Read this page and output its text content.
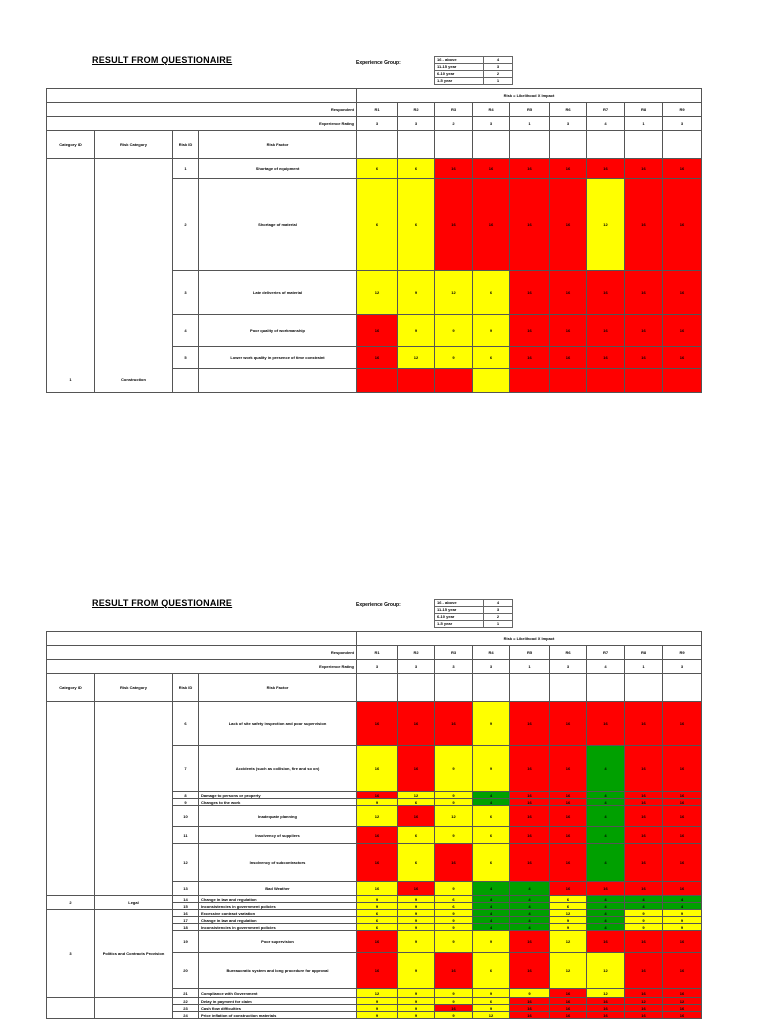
RESULT FROM QUESTIONAIRE	Experience Group:
16 - above	4
11-15 year	3
6-10 year	2
1-5 year	1
				Risk = Likelihood X Impact								
Respondent				R1	R2	R3	R4	R5	R6	R7	R8	R9
Experience Rating				3	3	2	3	1	3	4	1	3
Category ID	Risk Category	Risk ID	Risk Factor									
1	Construction	1	Shortage of equipment	6	6	16	16	16	16	16	16	16
		2	Shortage of material	6	6	16	16	16	16	12	16	16
		3	Late deliveries of material	12	9	12	6	16	16	16	16	16
		4	Poor quality of workmanship	16	9	9	9	16	16	16	16	16
		5	Lower work quality in presence of time constraint	16	12	9	6	16	16	16	16	16

RESULT FROM QUESTIONAIRE	Experience Group:	16 - above	4
11-15 year	3
6-10 year	2
1-5 year	1
				Risk = Likelihood X Impact								
Respondent				R1	R2	R3	R4	R5	R6	R7	R8	R9
Experience Rating				3	3	3	3	1	3	4	1	3
Category ID	Risk Category	Risk ID	Risk Factor									
		6	Lack of site safety inspection and poor supervision	16	16	16	9	16	16	16	16	16
		7	Accidents (such as collision, fire and so on)	16	16	9	9	16	16	4	16	16
		8	Damage to persons or property	16	12	9	4	16	16	4	16	16
		9	Changes to the work	9	6	9	4	16	16	4	16	16
		10	Inadequate planning	12	16	12	6	16	16	4	16	16
		11	Insolvency of suppliers	16	6	9	6	16	16	4	16	16
		12	Insolvency of subcontractors	16	6	16	6	16	16	4	16	16
		13	Bad Weather	16	16	9	4	4	16	16	16	16
2	Legal	14	Change in law and regulation	9	9	6	4	4	6	4	4	4
		15	Inconsistencies in government policies	9	9	6	4	4	6	4	4	4
3	Politics and Contracts Provision	16	Excessive contract variation	6	9	9	4	4	12	4	9	9
		17	Change in law and regulation	6	9	9	4	4	9	4	9	9
		18	Inconsistencies in government policies	6	9	9	4	4	9	4	9	9
		19	Poor supervision	16	9	9	9	16	12	16	16	16
		20	Bureaucratic system and long procedure for approval	16	9	16	6	16	12	12	16	16
		21	Compliance with Government	12	9	9	9	9	16	12	16	16
		22	Delay in payment for claim	9	9	9	6	16	16	16	12	12
		23	Cash flow difficulties	9	9	16	9	16	16	16	16	16
		24	Price inflation of construction materials	9	9	9	12	16	16	16	16	16
